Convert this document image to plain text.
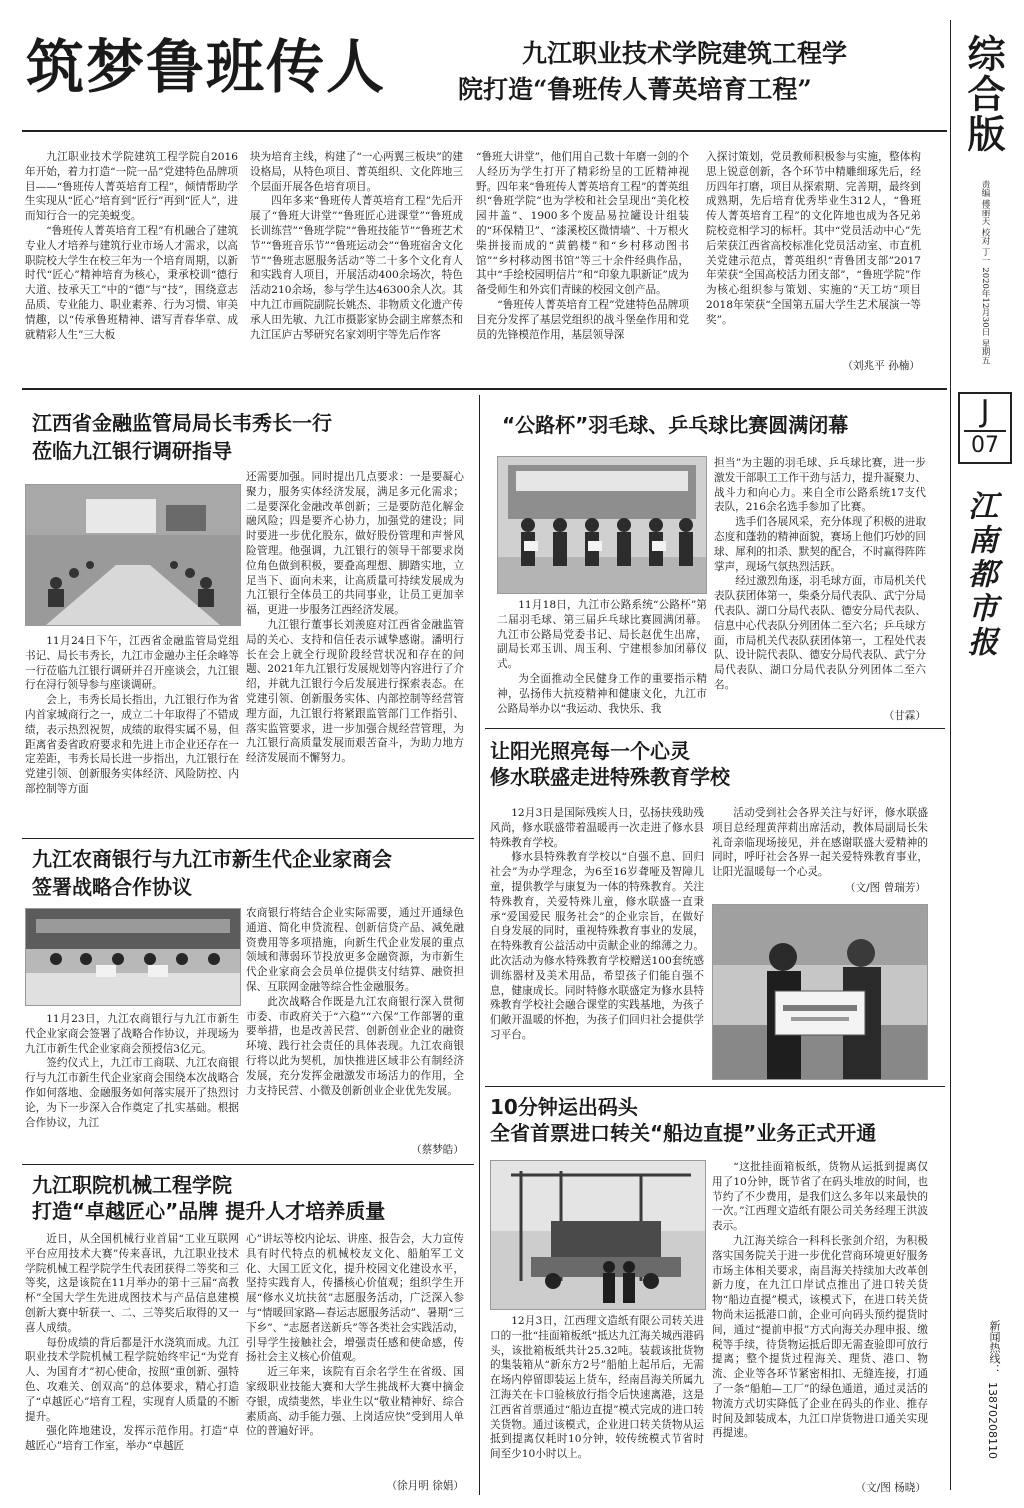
综合版
责编 傅丽天 校对 丁一 2020年12月30日 星期五
J
07
江南都市报
新闻热线：
13870208110
筑梦鲁班传人	九江职业技术学院建筑工程学
院打造“鲁班传人菁英培育工程”

九江职业技术学院建筑工程学院自2016年开始，着力打造“一院一品”党建特色品牌项目——“鲁班传人菁英培育工程”，倾情帮助学生实现从“匠心”培育到“匠行”再到“匠人”，进而知行合一的完美蜕变。

“鲁班传人菁英培育工程”有机融合了建筑专业人才培养与建筑行业市场人才需求，以高职院校大学生在校三年为一个培育周期，以新时代“匠心”精神培育为核心，秉承校训“德行大道、技承天工”中的“德”与“技”，围绕意志品质、专业能力、职业素养、行为习惯、审美情趣，以“传承鲁班精神、谱写青春华章、成就精彩人生”三大板

块为培育主线，构建了“一心两翼三板块”的建设格局，从特色项目、菁英组织、文化阵地三个层面开展各色培育项目。

四年多来“鲁班传人菁英培育工程”先后开展了“鲁班大讲堂”“鲁班匠心进课堂”“鲁班成长训练营”“鲁班学院”“鲁班技能节”“鲁班艺术节”“鲁班音乐节”“鲁班运动会”“鲁班宿舍文化节”“鲁班志愿服务活动”等二十多个文化育人和实践育人项目，开展活动400余场次，特色活动210余场，参与学生达46300余人次。其中九江市画院副院长姚杰、非物质文化遗产传承人田先敏、九江市摄影家协会副主席蔡杰和九江匡庐古琴研究名家刘明宇等先后作客

“鲁班大讲堂”，他们用自己数十年磨一剑的个人经历为学生打开了精彩纷呈的工匠精神视野。四年来“鲁班传人菁英培育工程”的菁英组织“鲁班学院”也为学校和社会呈现出“美化校园井盖”、1900多个废品易拉罐设计组装的“环保精卫”、“漆溪校区微情墙”、十万根火柴拼接而成的“黄鹤楼”和“乡村移动图书馆”“乡村移动图书馆”等三十余件经典作品，其中“手绘校园明信片”和“印象九职新证”成为备受师生和外宾们青睐的校园文创产品。

“鲁班传人菁英培育工程”党建特色品牌项目充分发挥了基层党组织的战斗堡垒作用和党员的先锋模范作用，基层领导深

入探讨策划，党员教师积极参与实施，整体构思上锐意创新，各个环节中精雕细琢先后，经历四年打磨，项目从探索期、完善期，最终到成熟期，先后培育优秀毕业生312人，“鲁班传人菁英培育工程”的文化阵地也成为各兄弟院校竞相学习的标杆。其中“党员活动中心”先后荣获江西省高校标准化党员活动室、市直机关党建示范点，菁英组织“青鲁团支部”2017年荣获“全国高校活力团支部”，“鲁班学院”作为核心组织参与策划、实施的“天工坊”项目2018年荣获“全国第五届大学生艺术展演一等奖”。

（刘兆平 孙楠）
江西省金融监管局局长韦秀长一行
莅临九江银行调研指导

11月24日下午，江西省金融监管局党组书记、局长韦秀长，九江市金融办主任余峰等一行莅临九江银行调研并召开座谈会，九江银行在浔行领导参与座谈调研。

会上，韦秀长局长指出，九江银行作为省内首家城商行之一，成立二十年取得了不错成绩，表示热烈祝贺，成绩的取得实属不易，但距离省委省政府要求和先进上市企业还存在一定差距，韦秀长局长进一步指出，九江银行在党建引领、创新服务实体经济、风险防控、内部控制等方面

还需要加强。同时提出几点要求：一是要凝心聚力，服务实体经济发展，满足多元化需求；二是要深化金融改革创新；三是要防范化解金融风险；四是要齐心协力，加强党的建设；同时要进一步优化股东，做好股份管理和声誉风险管理。他强调，九江银行的领导干部要求岗位角色做到积极，要叠高理想、脚踏实地，立足当下、面向未来，让高质量可持续发展成为九江银行全体员工的共同事业，让员工更加幸福，更进一步服务江西经济发展。

九江银行董事长刘羡庭对江西省金融监管局的关心、支持和信任表示诚挚感谢。潘明行长在会上就全行现阶段经营状况和存在的问题、2021年九江银行发展规划等内容进行了介绍，并就九江银行今后发展进行探索表态。在党建引领、创新服务实体、内部控制等经营管理方面，九江银行将紧跟监管部门工作指引、落实监管要求，进一步加强合规经营管理，为九江银行高质量发展而艰苦奋斗，为助力地方经济发展而不懈努力。

“公路杯”羽毛球、乒乓球比赛圆满闭幕

11月18日，九江市公路系统“公路杯”第二届羽毛球、第三届乒乓球比赛圆满闭幕。九江市公路局党委书记、局长赵优生出席，副局长邓玉训、周玉利、宁建根参加闭幕仪式。

为全面推动全民健身工作的重要指示精神，弘扬伟大抗疫精神和健康文化，九江市公路局举办以“我运动、我快乐、我

担当”为主题的羽毛球、乒乓球比赛，进一步激发干部职工工作干劲与活力，提升凝聚力、战斗力和向心力。来自全市公路系统17支代表队，216余名选手参加了比赛。

选手们各展风采，充分体现了积极的进取态度和蓬勃的精神面貌，赛场上他们巧妙的回球、犀利的扣杀、默契的配合，不时赢得阵阵掌声，现场气氛热烈活跃。

经过激烈角逐，羽毛球方面，市局机关代表队获团体第一，柴桑分局代表队、武宁分局代表队、湖口分局代表队、德安分局代表队、信息中心代表队分列团体二至六名；乒乓球方面，市局机关代表队获团体第一，工程处代表队、设计院代表队、德安分局代表队、武宁分局代表队、湖口分局代表队分列团体二至六名。

（甘霖）
九江农商银行与九江市新生代企业家商会
签署战略合作协议

11月23日，九江农商银行与九江市新生代企业家商会签署了战略合作协议，并现场为九江市新生代企业家商会预授信3亿元。

签约仪式上，九江市工商联、九江农商银行与九江市新生代企业家商会围绕本次战略合作如何落地、金融服务如何落实展开了热烈讨论，为下一步深入合作奠定了扎实基础。根据合作协议，九江

农商银行将结合企业实际需要，通过开通绿色通道、简化申贷流程、创新信贷产品、减免融资费用等多项措施，向新生代企业发展的重点领域和薄弱环节投放更多金融资源，为市新生代企业家商会会员单位提供支付结算、融资担保、互联网金融等综合性金融服务。

此次战略合作既是九江农商银行深入贯彻市委、市政府关于“六稳”“六保”工作部署的重要举措，也是改善民营、创新创业企业的融资环境、践行社会责任的具体表现。九江农商银行将以此为契机，加快推进区域非公有制经济发展，充分发挥金融激发市场活力的作用，全力支持民营、小微及创新创业企业优先发展。

（蔡梦皓）
让阳光照亮每一个心灵
修水联盛走进特殊教育学校

12月3日是国际残疾人日，弘扬扶残助残风尚，修水联盛带着温暖再一次走进了修水县特殊教育学校。

修水县特殊教育学校以“自强不息、回归社会”为办学理念，为6至16岁聋哑及智障儿童，提供教学与康复为一体的特殊教育。关注特殊教育，关爱特殊儿童，修水联盛一直秉承“爱国爱民 服务社会”的企业宗旨，在做好自身发展的同时，重视特殊教育事业的发展，在特殊教育公益活动中贡献企业的绵薄之力。此次活动为修水特殊教育学校赠送100套统感训练器材及美术用品，希望孩子们能自强不息，健康成长。同时特修水联盛定为修水县特殊教育学校社会融合课堂的实践基地，为孩子们敞开温暖的怀抱，为孩子们回归社会提供学习平台。

活动受到社会各界关注与好评，修水联盛项目总经理黄萍莉出席活动，教体局副局长朱礼奇亲临现场接见，并在感谢联盛大爱精神的同时，呼吁社会各界一起关爱特殊教育事业，让阳光温暖每一个心灵。

（文/图 曾瑞芳）
九江职院机械工程学院
打造“卓越匠心”品牌 提升人才培养质量

近日，从全国机械行业首届“工业互联网平台应用技术大赛”传来喜讯，九江职业技术学院机械工程学院学生代表团获得二等奖和三等奖，这是该院在11月举办的第十三届“高教杯”全国大学生先进成图技术与产品信息建模创新大赛中斩获一、二、三等奖后取得的又一喜人成绩。

每份成绩的背后都是汗水浇筑而成。九江职业技术学院机械工程学院始终牢记“为党育人、为国育才”初心使命，按照“重创新、强特色、攻难关、创双高”的总体要求，精心打造了“卓越匠心”培育工程，实现育人质量的不断提升。

强化阵地建设，发挥示范作用。打造“卓越匠心”培育工作室，举办“卓越匠

心”讲坛等校内论坛、讲座、报告会，大力宣传具有时代特点的机械校友文化、船舶军工文化、大国工匠文化，提升校园文化建设水平，坚持实践育人，传播核心价值观；组织学生开展“修水义坑扶贫”志愿服务活动，广泛深入参与“情暖回家路—春运志愿服务活动”、暑期“三下乡”、“志愿者送新兵”等各类社会实践活动，引导学生接触社会，增强责任感和使命感，传扬社会主义核心价值观。

近三年来，该院有百余名学生在省级、国家级职业技能大赛和大学生挑战杯大赛中摘金夺银，成绩斐然，毕业生以“敬业精神好、综合素质高、动手能力强、上岗适应快”受到用人单位的普遍好评。

（徐月明 徐娟）
10分钟运出码头
全省首票进口转关“船边直提”业务正式开通

12月3日，江西理文造纸有限公司转关进口的一批“挂面箱板纸”抵达九江海关城西港码头，该批箱板纸共计25.32吨。装载该批货物的集装箱从“新东方2号”船舶上起吊后，无需在场内停留即装运上货车，经南昌海关所属九江海关在卡口验核放行指令后快速离港，这是江西省首票通过“船边直提”模式完成的进口转关货物。通过该模式，企业进口转关货物从运抵到提离仅耗时10分钟，较传统模式节省时间至少10小时以上。

“这批挂面箱板纸，货物从运抵到提离仅用了10分钟，既节省了在码头堆放的时间，也节约了不少费用，是我们这么多年以来最快的一次。”江西理文造纸有限公司关务经理王洪波表示。

九江海关综合一科科长张剑介绍，为积极落实国务院关于进一步优化营商环境更好服务市场主体相关要求，南昌海关持续加大改革创新力度，在九江口岸试点推出了进口转关货物“船边直提”模式，该模式下，在进口转关货物尚未运抵港口前，企业可向码头预约提货时间，通过“提前申报”方式向海关办理申报、缴税等手续，待货物运抵后即无需查验即可放行提离；整个提货过程海关、理货、港口、物流、企业等各环节紧密相扣、无缝连接，打通了一条“船舶—工厂”的绿色通道，通过灵活的物流方式切实降低了企业在码头的作业、推存时间及卸装成本，九江口岸货物进口通关实现再提速。

（文/图 杨晓）
